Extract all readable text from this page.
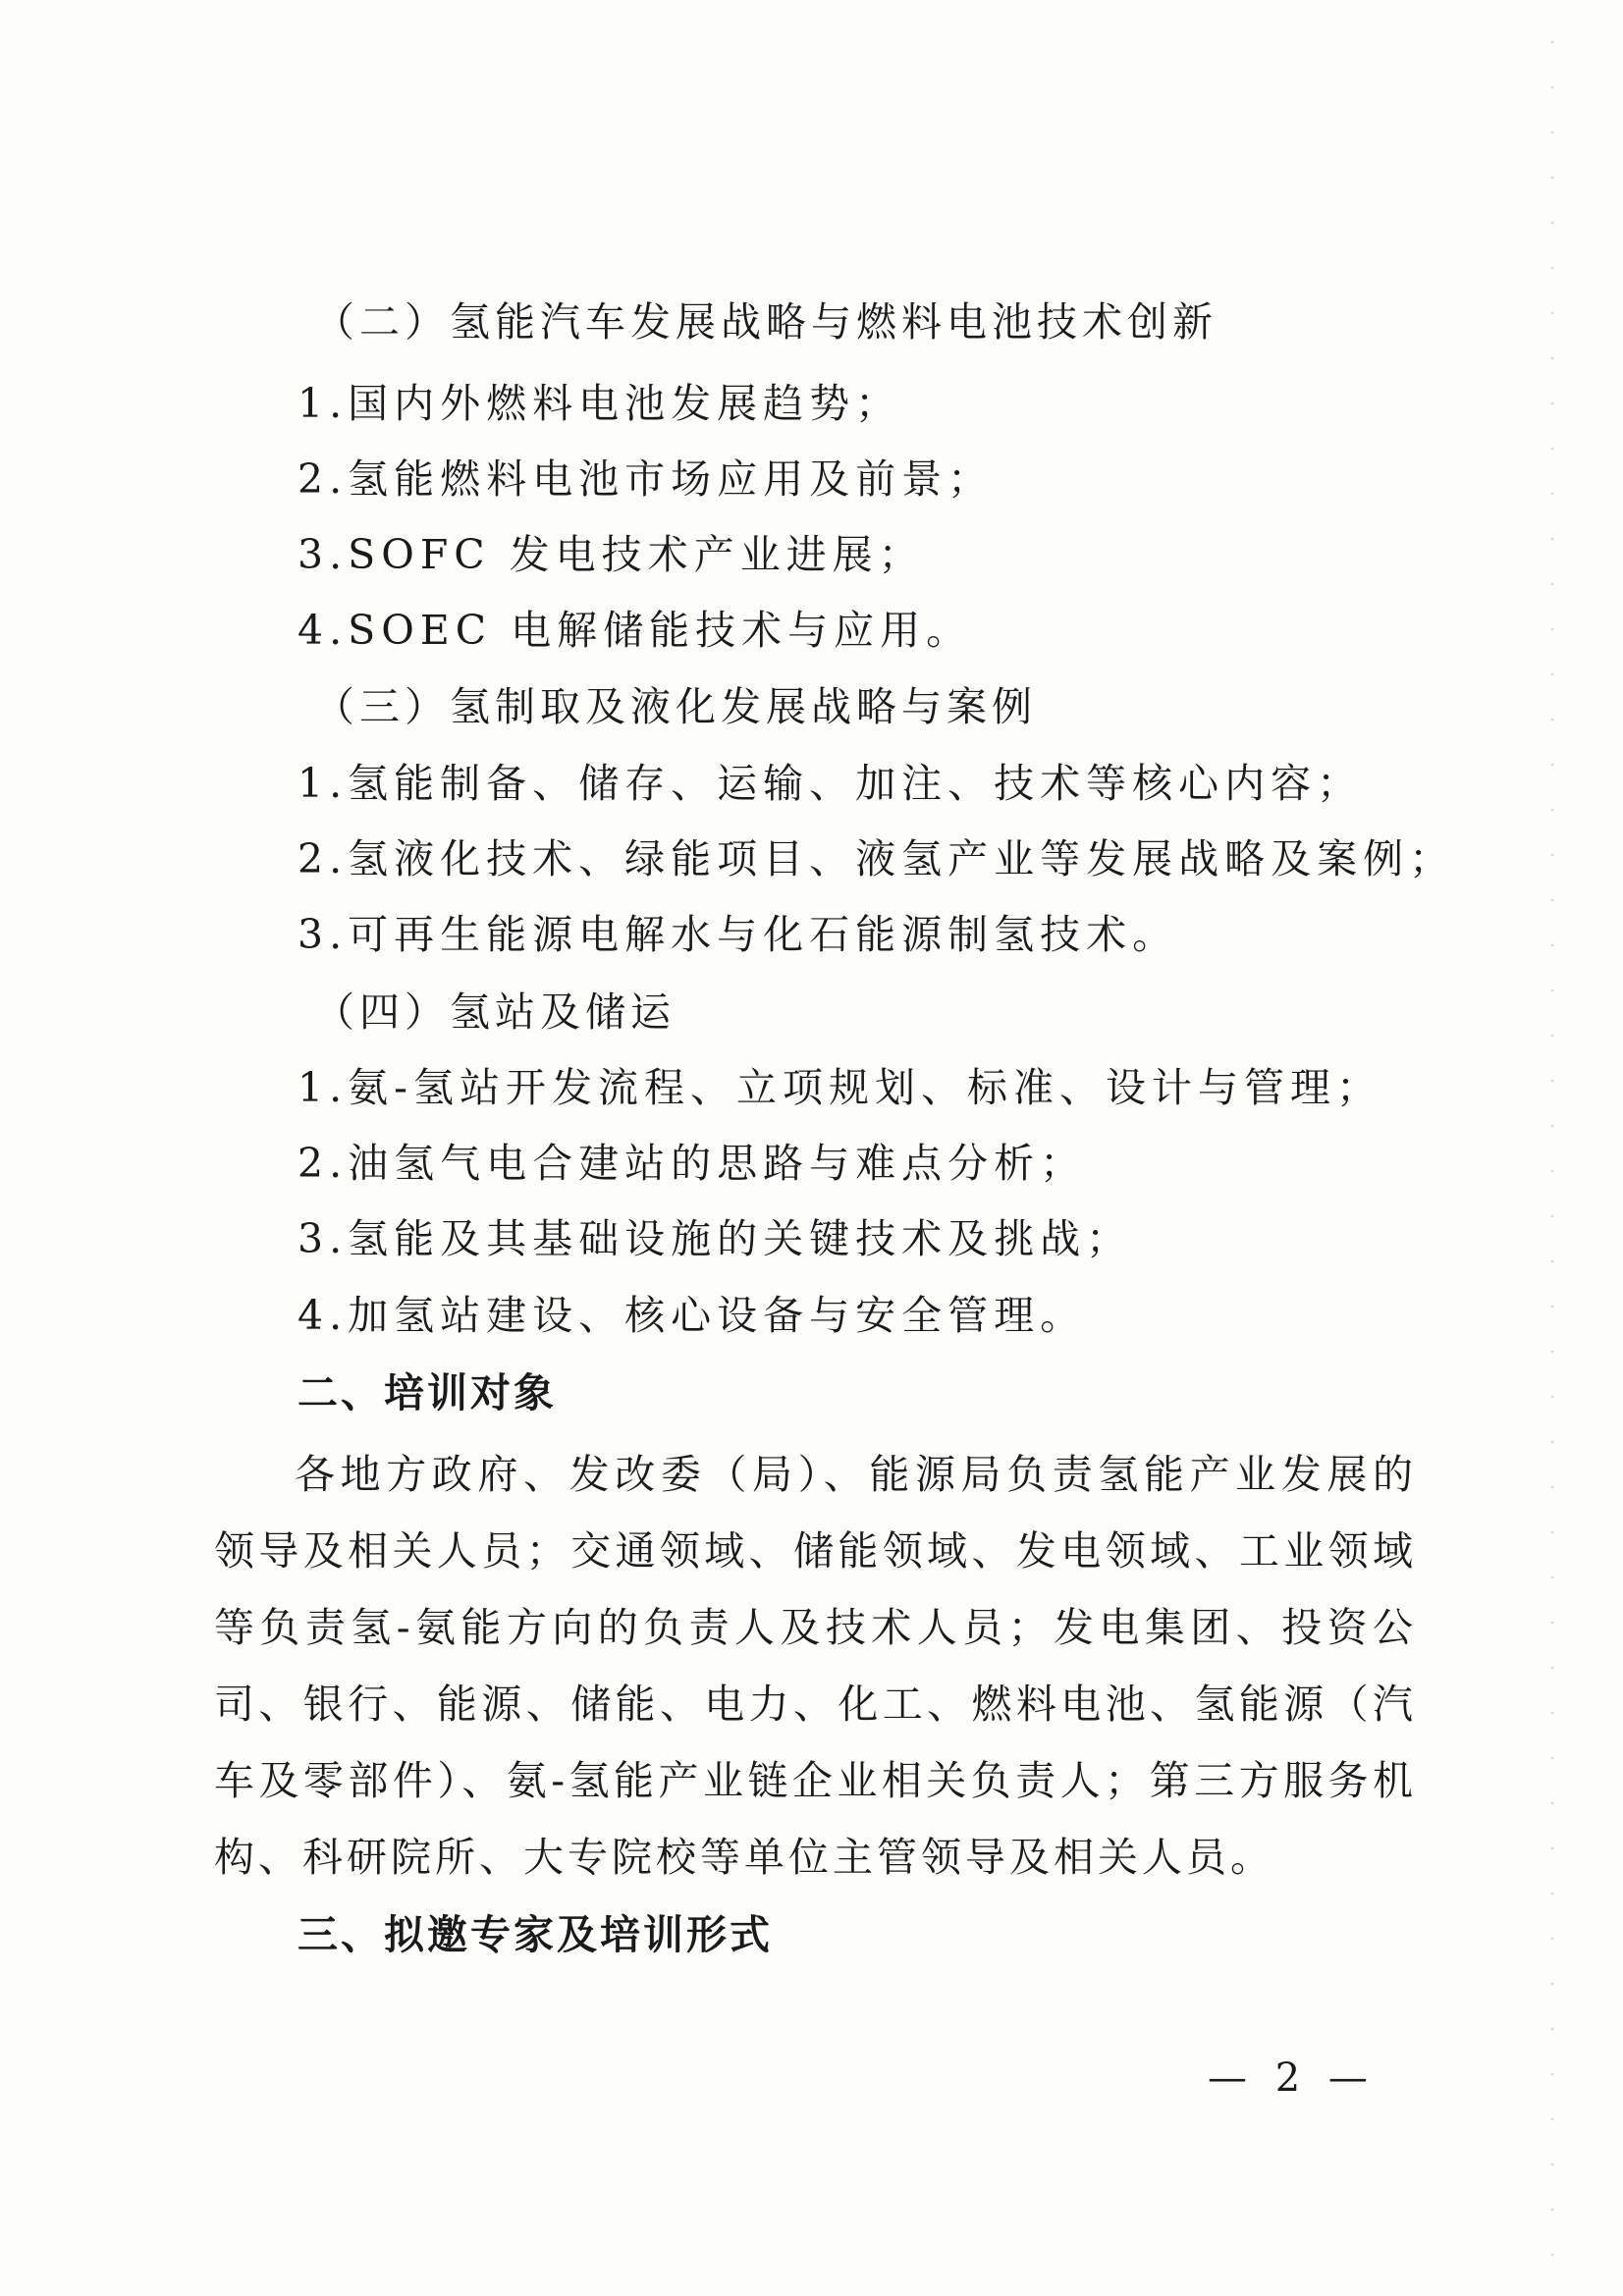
（二）氢能汽车发展战略与燃料电池技术创新
1.国内外燃料电池发展趋势；
2.氢能燃料电池市场应用及前景；
3.SOFC 发电技术产业进展；
4.SOEC 电解储能技术与应用。
（三）氢制取及液化发展战略与案例
1.氢能制备、储存、运输、加注、技术等核心内容；
2.氢液化技术、绿能项目、液氢产业等发展战略及案例；
3.可再生能源电解水与化石能源制氢技术。
（四）氢站及储运
1.氨-氢站开发流程、立项规划、标准、设计与管理；
2.油氢气电合建站的思路与难点分析；
3.氢能及其基础设施的关键技术及挑战；
4.加氢站建设、核心设备与安全管理。
二、培训对象

各地方政府、发改委（局）、能源局负责氢能产业发展的领导及相关人员；交通领域、储能领域、发电领域、工业领域等负责氢-氨能方向的负责人及技术人员；发电集团、投资公司、银行、能源、储能、电力、化工、燃料电池、氢能源（汽车及零部件）、氨-氢能产业链企业相关负责人；第三方服务机构、科研院所、大专院校等单位主管领导及相关人员。

三、拟邀专家及培训形式
— 2 —
